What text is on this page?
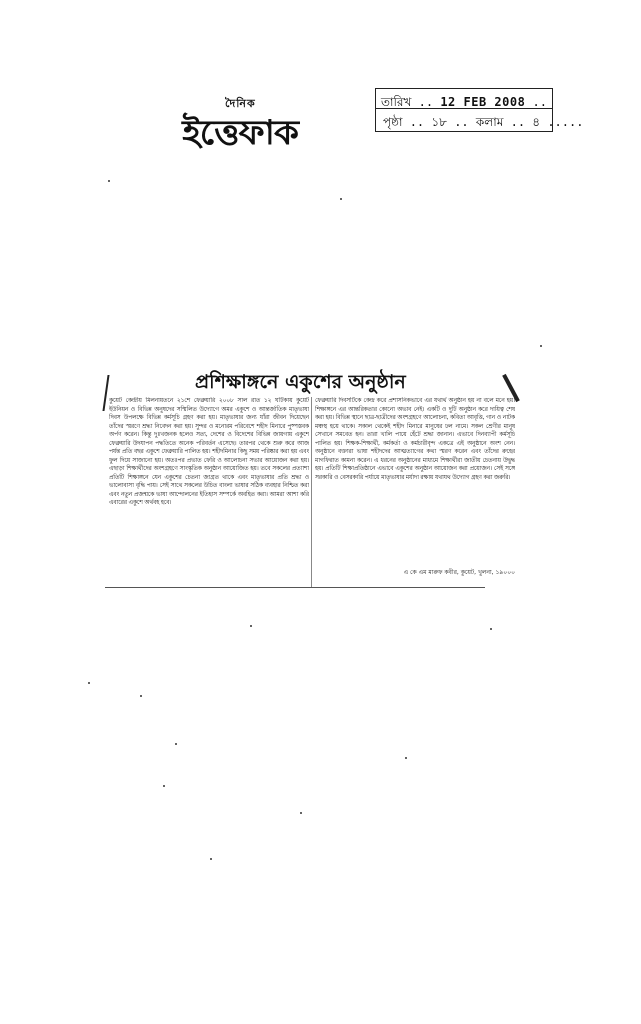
দৈনিক
ইত্তেফাক
তারিখ .. 12 FEB 2008 ..
পৃষ্ঠা .. ১৮ .. কলাম .. ৪ .....
প্রশিক্ষাঙ্গনে একুশের অনুষ্ঠান
কুয়েট কেন্দ্রীয় মিলনায়তনে ২১শে ফেব্রুয়ারি ২০০৮ সাল রাত ১২ ঘটিকায় কুয়েট ইউনিয়ন ও বিভিন্ন অনুষদের সম্মিলিত উদ্যোগে অমর একুশে ও আন্তর্জাতিক মাতৃভাষা দিবস উপলক্ষে বিভিন্ন কর্মসূচি গ্রহণ করা হয়। মাতৃভাষার জন্য যাঁরা জীবন দিয়েছেন তাঁদের স্মরণে শ্রদ্ধা নিবেদন করা হয়। সুন্দর ও মনোরম পরিবেশে শহীদ মিনারে পুষ্পস্তবক অর্পণ করেন। কিন্তু দুঃখজনক হলেও সত্য, দেশের ও বিদেশের বিভিন্ন জায়গায় একুশে ফেব্রুয়ারি উদযাপন পদ্ধতিতে অনেক পরিবর্তন এসেছে। তারপর থেকে শুরু করে আজ পর্যন্ত প্রতি বছর একুশে ফেব্রুয়ারি পালিত হয়। শহীদমিনার কিছু সময় পরিষ্কার করা হয় এবং ফুল দিয়ে সাজানো হয়। অতঃপর প্রভাত ফেরি ও আলোচনা সভার আয়োজন করা হয়। এছাড়া শিক্ষার্থীদের অংশগ্রহণে সাংস্কৃতিক অনুষ্ঠান আয়োজিত হয়। তবে সকলের প্রত্যাশা প্রতিটি শিক্ষাঙ্গনে যেন একুশের চেতনা জাগ্রত থাকে এবং মাতৃভাষার প্রতি শ্রদ্ধা ও ভালোবাসা বৃদ্ধি পায়। সেই সাথে সকলের উচিত বাংলা ভাষার সঠিক ব্যবহার নিশ্চিত করা এবং নতুন প্রজন্মকে ভাষা আন্দোলনের ইতিহাস সম্পর্কে অবহিত করা। আমরা আশা করি এবারের একুশে অর্থবহ হবে।
ফেব্রুয়ারি দিবসটিকে কেন্দ্র করে প্রশাসনিকভাবে এর যথার্থ অনুষ্ঠান হয় না বলে মনে হয়। শিক্ষাঙ্গনে এর আন্তরিকতার কোনো অভাব নেই। একটি ও দুটি অনুষ্ঠান করে দায়িত্ব শেষ করা হয়। বিভিন্ন স্থানে ছাত্র-ছাত্রীদের অংশগ্রহণে আলোচনা, কবিতা আবৃত্তি, গান ও নাটক মঞ্চস্থ হয়ে থাকে। সকাল থেকেই শহীদ মিনারে মানুষের ঢল নামে। সকল শ্রেণীর মানুষ সেখানে সমবেত হন। তারা খালি পায়ে হেঁটে শ্রদ্ধা জানান। এভাবে দিনব্যাপী কর্মসূচি পালিত হয়। শিক্ষক-শিক্ষার্থী, কর্মকর্তা ও কর্মচারীবৃন্দ একত্রে এই অনুষ্ঠানে অংশ নেন। অনুষ্ঠানে বক্তারা ভাষা শহীদদের আত্মত্যাগের কথা স্মরণ করেন এবং তাঁদের রুহের মাগফিরাত কামনা করেন। এ ধরনের অনুষ্ঠানের মাধ্যমে শিক্ষার্থীরা জাতীয় চেতনায় উদ্বুদ্ধ হয়। প্রতিটি শিক্ষাপ্রতিষ্ঠানে এভাবে একুশের অনুষ্ঠান আয়োজন করা প্রয়োজন। সেই সঙ্গে সরকারি ও বেসরকারি পর্যায়ে মাতৃভাষার মর্যাদা রক্ষায় যথাযথ উদ্যোগ গ্রহণ করা জরুরি।
এ কে এম মারুফ কবীর, কুয়েট, খুলনা, ১৯০০০
